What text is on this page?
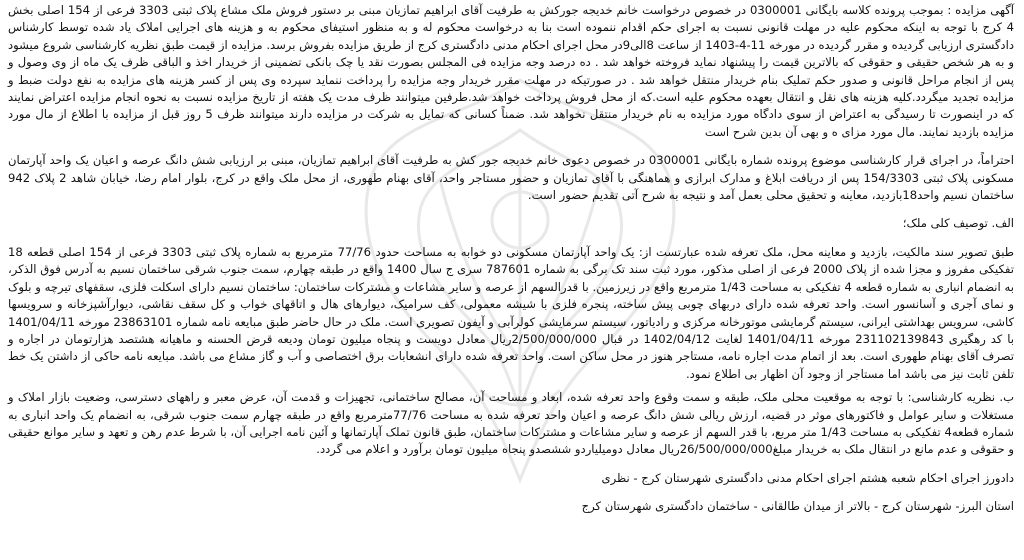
آگهی مزایده : بموجب پرونده کلاسه بایگانی 0300001 در خصوص درخواست خانم خدیجه جورکش به طرفیت آقای ابراهیم تمازیان مبنی بر دستور فروش ملک مشاع پلاک ثبتی 3303 فرعی از 154 اصلی بخش 4 کرج با توجه به اینکه محکوم علیه در مهلت قانونی نسبت به اجرای حکم اقدام ننموده است بنا به درخواست محکوم له و به منظور استیفای محکوم به و هزینه های اجرایی املاک یاد شده توسط کارشناس دادگستری ارزیابی گردیده و مقرر گردیده در مورخه 11-4-1403 از ساعت 8الی9در محل اجرای احکام مدنی دادگستری کرج از طریق مزایده بفروش برسد. مزایده از قیمت طبق نظریه کارشناسی شروع میشود و به هر شخص حقیقی و حقوقی که بالاترین قیمت را پیشنهاد نماید فروخته خواهد شد . ده درصد وجه مزایده فی المجلس بصورت نقد یا چک بانکی تضمینی از خریدار اخذ و الباقی ظرف یک ماه از وی وصول و پس از انجام مراحل قانونی و صدور حکم تملیک بنام خریدار منتقل خواهد شد . در صورتیکه در مهلت مقرر خریدار وجه مزایده را پرداخت ننماید سپرده وی پس از کسر هزینه های مزایده به نفع دولت ضبط و مزایده تجدید میگردد.کلیه هزینه های نقل و انتقال بعهده محکوم علیه است.که از محل فروش پرداخت خواهد شد.طرفین میتوانند ظرف مدت یک هفته از تاریخ مزایده نسبت به نحوه انجام مزایده اعتراض نمایند که در اینصورت تا رسیدگی به اعتراض از سوی دادگاه مورد مزایده به نام خریدار منتقل نخواهد شد. ضمناً کسانی که تمایل به شرکت در مزایده دارند میتوانند ظرف 5 روز قبل از مزایده با اطلاع از مال مورد مزایده بازدید نمایند. مال مورد مزای ه و بهی آن بدین شرح است

احتراماً، در اجرای قرار کارشناسی موضوع پرونده شماره بایگانی 0300001 در خصوص دعوی خانم خدیجه جور کش به طرفیت آقای ابراهیم تمازیان، مبنی بر ارزیابی شش دانگ عرصه و اعیان یک واحد آپارتمان مسکونی پلاک ثبتی 154/3303 پس از دریافت ابلاغ و مدارک ابرازی و هماهنگی با آقای تمازیان و حضور مستاجر واحد، آقای بهنام طهوری، از محل ملک واقع در کرج، بلوار امام رضا، خیابان شاهد 2 پلاک 942 ساختمان نسیم واحد18بازدید، معاینه و تحقیق محلی بعمل آمد و نتیجه به شرح آتی تقدیم حضور است.

الف. توصیف کلی ملک؛

طبق تصویر سند مالکیت، بازدید و معاینه محل، ملک تعرفه شده عبارتست از: یک واحد آپارتمان مسکونی دو خوابه به مساحت حدود 77/76 مترمربع به شماره پلاک ثبتی 3303 فرعی از 154 اصلی قطعه 18 تفکیکی مفروز و مجزا شده از پلاک 2000 فرعی از اصلی مذکور، مورد ثبت سند تک برگی به شماره 787601 سری ج سال 1400 واقع در طبقه چهارم، سمت جنوب شرقی ساختمان نسیم به آدرس فوق الذکر، به انضمام انباری به شماره قطعه 4 تفکیکی به مساحت 1/43 مترمربع واقع در زیرزمین. با قدرالسهم از عرصه و سایر مشاعات و مشترکات ساختمان: ساختمان نسیم دارای اسکلت فلزی، سقفهای تیرچه و بلوک و نمای آجری و آسانسور است. واحد تعرفه شده دارای دربهای چوبی پیش ساخته، پنجره فلزی با شیشه معمولی، کف سرامیک، دیوارهای هال و اتاقهای خواب و کل سقف نقاشی، دیوارآشپزخانه و سرویسها کاشی، سرویس بهداشتی ایرانی، سیستم گرمایشی موتورخانه مرکزی و رادیاتور، سیستم سرمایشی کولرآبی و آیفون تصویری است. ملک در حال حاضر طبق مبایعه نامه شماره 23863101 مورخه 1401/04/11 با کد رهگیری 231102139843 مورخه 1401/04/11 لغایت 1402/04/12 در قبال 2/500/000/000ریال معادل دویست و پنجاه میلیون تومان ودیعه قرض الحسنه و ماهیانه هشتصد هزارتومان در اجاره و تصرف آقای بهنام طهوری است. بعد از اتمام مدت اجاره نامه، مستاجر هنوز در محل ساکن است. واحد تعرفه شده دارای انشعابات برق اختصاصی و آب و گاز مشاع می باشد. مبایعه نامه حاکی از داشتن یک خط تلفن ثابت نیز می باشد اما مستاجر از وجود آن اظهار بی اطلاع نمود.

ب. نظریه کارشناسی: با توجه به موقعیت محلی ملک، طبقه و سمت وقوع واحد تعرفه شده، ابعاد و مساحت آن، مصالح ساختمانی، تجهیزات و قدمت آن، عرض معبر و راههای دسترسی، وضعیت بازار املاک و مستغلات و سایر عوامل و فاکتورهای موثر در قضیه، ارزش ریالی شش دانگ عرصه و اعیان واحد تعرفه شده به مساحت 77/76مترمربع واقع در طبقه چهارم سمت جنوب شرقی، به انضمام یک واحد انباری به شماره قطعه4 تفکیکی به مساحت 1/43 متر مربع، با قدر السهم از عرصه و سایر مشاعات و مشترکات ساختمان، طبق قانون تملک آپارتمانها و آئین نامه اجرایی آن، با شرط عدم رهن و تعهد و سایر موانع حقیقی و حقوقی و عدم مانع در انتقال ملک به خریدار مبلغ26/500/000/000ریال معادل دومیلیاردو ششصدو پنجاه میلیون تومان برآورد و اعلام می گردد.

دادورز اجرای احکام شعبه هشتم اجرای احکام مدنی دادگستری شهرستان کرج - نظری

استان البرز- شهرستان کرج - بالاتر از میدان طالقانی - ساختمان دادگستری شهرستان کرج
